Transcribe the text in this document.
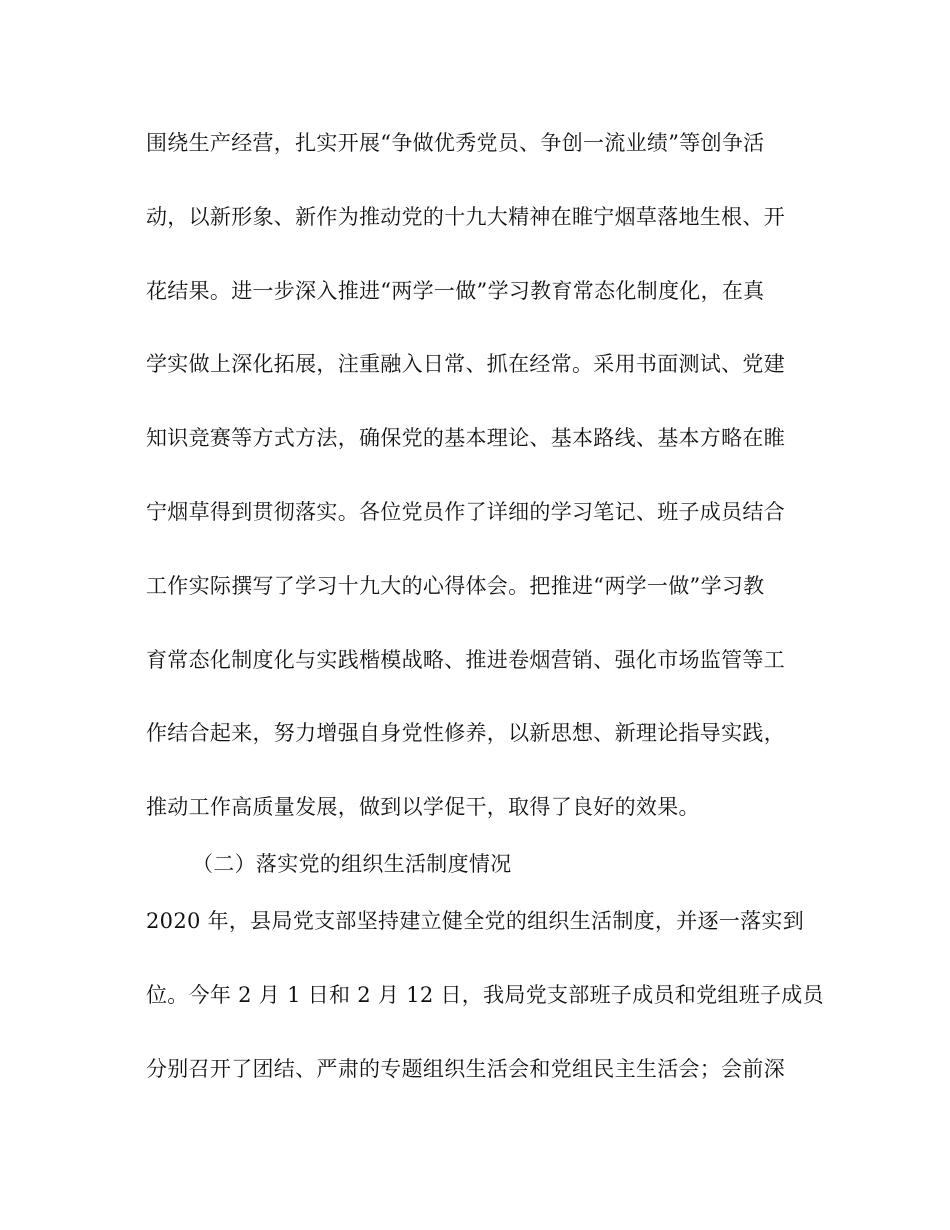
围绕生产经营，扎实开展“争做优秀党员、争创一流业绩”等创争活
动，以新形象、新作为推动党的十九大精神在睢宁烟草落地生根、开
花结果。进一步深入推进“两学一做”学习教育常态化制度化，在真
学实做上深化拓展，注重融入日常、抓在经常。采用书面测试、党建
知识竞赛等方式方法，确保党的基本理论、基本路线、基本方略在睢
宁烟草得到贯彻落实。各位党员作了详细的学习笔记、班子成员结合
工作实际撰写了学习十九大的心得体会。把推进“两学一做”学习教
育常态化制度化与实践楷模战略、推进卷烟营销、强化市场监管等工
作结合起来，努力增强自身党性修养，以新思想、新理论指导实践，
推动工作高质量发展，做到以学促干，取得了良好的效果。
（二）落实党的组织生活制度情况
2020 年，县局党支部坚持建立健全党的组织生活制度，并逐一落实到
位。今年 2 月 1 日和 2 月 12 日，我局党支部班子成员和党组班子成员
分别召开了团结、严肃的专题组织生活会和党组民主生活会；会前深
